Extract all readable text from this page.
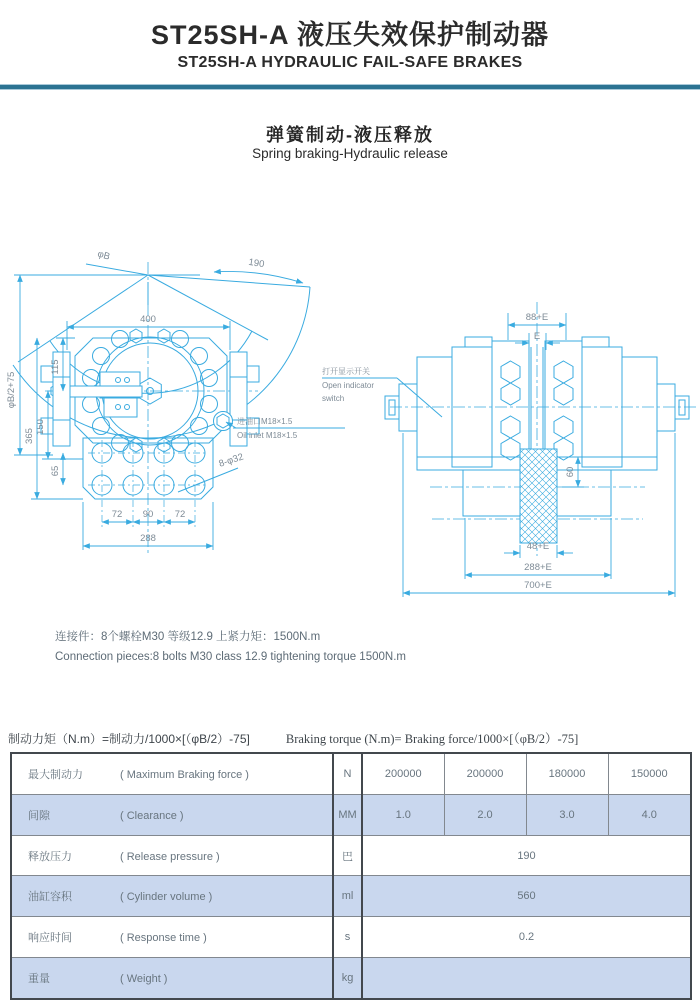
ST25SH-A 液压失效保护制动器
ST25SH-A HYDRAULIC FAIL-SAFE BRAKES
弹簧制动-液压释放
Spring braking-Hydraulic release
φB
190
400
115
150
65
365
φB/2+75
72 90 72
288
8-φ32
进油口M18×1.5
Oil inlet M18×1.5
88+E
E
60
48+E
288+E
700+E
打开显示开关
Open indicator
switch
连接件：8个螺栓M30 等级12.9 上紧力矩：1500N.m
Connection pieces:8 bolts M30 class 12.9 tightening torque 1500N.m
制动力矩（N.m）=制动力/1000×[（φB/2）-75]	Braking torque (N.m)= Braking force/1000×[（φB/2）-75]
最大制动力 ( Maximum Braking force )	N	200000	200000	180000	150000
间隙 ( Clearance )	MM	1.0	2.0	3.0	4.0
释放压力 ( Release pressure )	巴	190			
油缸容积 ( Cylinder volume )	ml	560			
响应时间 ( Response time )	s	0.2			
重量 ( Weight )	kg				
